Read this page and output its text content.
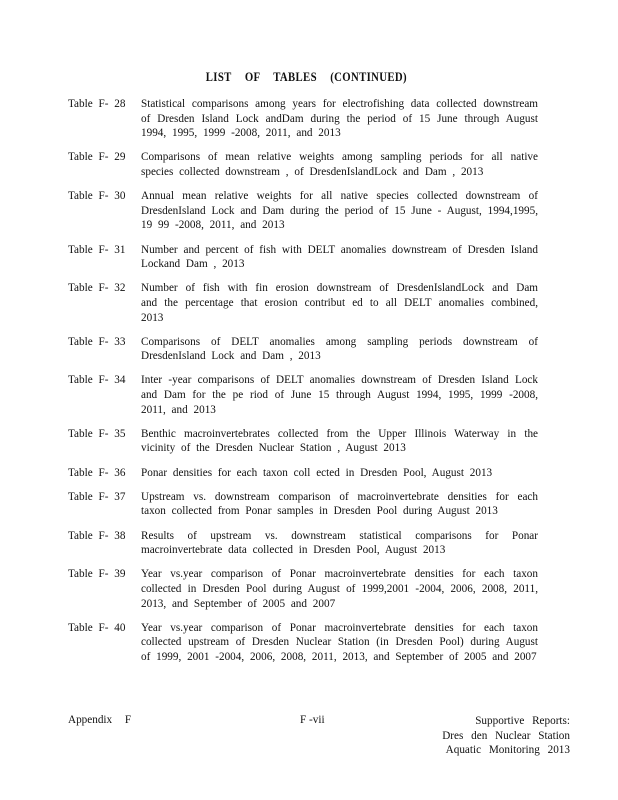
LIST OF TABLES (CONTINUED)
Table F- 28	Statistical comparisons among years for electrofishing data collected downstream of Dresden Island Lock andDam during the period of 15 June through August 1994, 1995, 1999 -2008, 2011, and 2013
Table F- 29	Comparisons of mean relative weights among sampling periods for all native species collected downstream , of DresdenIslandLock and Dam , 2013
Table F- 30	Annual mean relative weights for all native species collected downstream of DresdenIsland Lock and Dam during the period of 15 June - August, 1994,1995, 19 99 -2008, 2011, and 2013
Table F- 31	Number and percent of fish with DELT anomalies downstream of Dresden Island Lockand Dam , 2013
Table F- 32	Number of fish with fin erosion downstream of DresdenIslandLock and Dam and the percentage that erosion contribut ed to all DELT anomalies combined, 2013
Table F- 33	Comparisons of DELT anomalies among sampling periods downstream of DresdenIsland Lock and Dam , 2013
Table F- 34	Inter -year comparisons of DELT anomalies downstream of Dresden Island Lock and Dam for the pe riod of June 15 through August 1994, 1995, 1999 -2008, 2011, and 2013
Table F- 35	Benthic macroinvertebrates collected from the Upper Illinois Waterway in the vicinity of the Dresden Nuclear Station , August 2013
Table F- 36	Ponar densities for each taxon coll ected in Dresden Pool, August 2013
Table F- 37	Upstream vs. downstream comparison of macroinvertebrate densities for each taxon collected from Ponar samples in Dresden Pool during August 2013
Table F- 38	Results of upstream vs. downstream statistical comparisons for Ponar macroinvertebrate data collected in Dresden Pool, August 2013
Table F- 39	Year vs.year comparison of Ponar macroinvertebrate densities for each taxon collected in Dresden Pool during August of 1999,2001 -2004, 2006, 2008, 2011, 2013, and September of 2005 and 2007
Table F- 40	Year vs.year comparison of Ponar macroinvertebrate densities for each taxon collected upstream of Dresden Nuclear Station (in Dresden Pool) during August of 1999, 2001 -2004, 2006, 2008, 2011, 2013, and September of 2005 and 2007
Appendix F	F -vii	Supportive Reports:
Dres den Nuclear Station
Aquatic Monitoring 2013
